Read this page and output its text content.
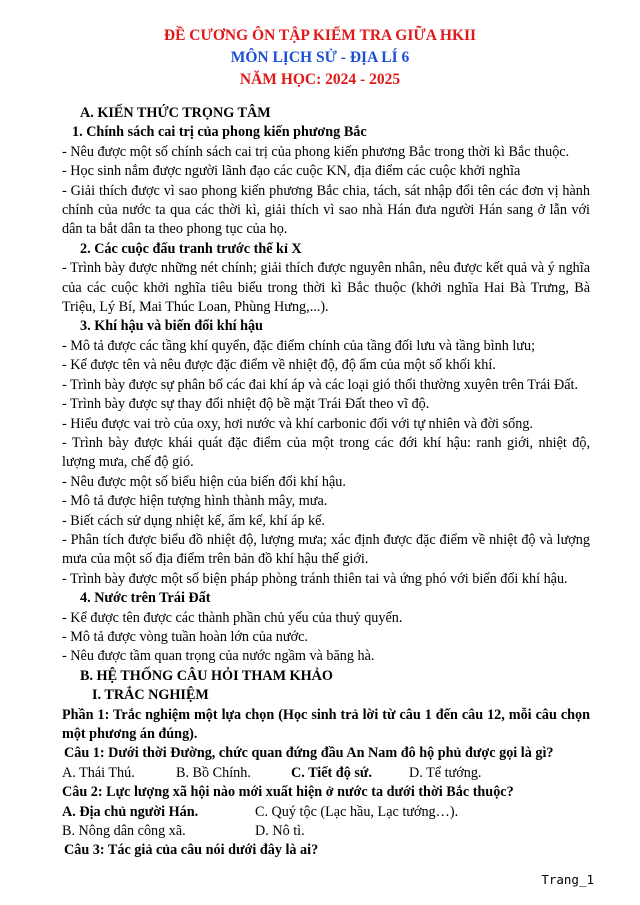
ĐỀ CƯƠNG ÔN TẬP KIỂM TRA GIỮA HKII
MÔN LỊCH SỬ - ĐỊA LÍ 6
NĂM HỌC: 2024 - 2025
A. KIẾN THỨC TRỌNG TÂM
1. Chính sách cai trị của phong kiến phương Bắc
- Nêu được một số chính sách cai trị của phong kiến phương Bắc trong thời kì Bắc thuộc.
- Học sinh nắm được người lãnh đạo các cuộc KN, địa điểm các cuộc khởi nghĩa
- Giải thích được vì sao phong kiến phương Bắc chia, tách, sát nhập đổi tên các đơn vị hành chính của nước ta qua các thời kì, giải thích vì sao nhà Hán đưa người Hán sang ở lẫn với dân ta bắt dân ta theo phong tục của họ.
2. Các cuộc đấu tranh trước thế kỉ X
- Trình bày được những nét chính; giải thích được nguyên nhân, nêu được kết quả và ý nghĩa của các cuộc khởi nghĩa tiêu biểu trong thời kì Bắc thuộc (khởi nghĩa Hai Bà Trưng, Bà Triệu, Lý Bí, Mai Thúc Loan, Phùng Hưng,...).
3. Khí hậu và biến đổi khí hậu
- Mô tả được các tầng khí quyển, đặc điểm chính của tầng đối lưu và tầng bình lưu;
- Kể được tên và nêu được đặc điểm về nhiệt độ, độ ẩm của một số khối khí.
- Trình bày được sự phân bố các đai khí áp và các loại gió thổi thường xuyên trên Trái Đất.
- Trình bày được sự thay đổi nhiệt độ bề mặt Trái Đất theo vĩ độ.
- Hiểu được vai trò của oxy, hơi nước và khí carbonic đối với tự nhiên và đời sống.
- Trình bày được khái quát đặc điểm của một trong các đới khí hậu: ranh giới, nhiệt độ, lượng mưa, chế độ gió.
- Nêu được một số biểu hiện của biến đổi khí hậu.
- Mô tả được hiện tượng hình thành mây, mưa.
- Biết cách sử dụng nhiệt kế, ẩm kế, khí áp kế.
- Phân tích được biểu đồ nhiệt độ, lượng mưa; xác định được đặc điểm về nhiệt độ và lượng mưa của một số địa điểm trên bản đồ khí hậu thế giới.
- Trình bày được một số biện pháp phòng tránh thiên tai và ứng phó với biến đổi khí hậu.
4. Nước trên Trái Đất
- Kể được tên được các thành phần chủ yếu của thuỷ quyển.
- Mô tả được vòng tuần hoàn lớn của nước.
- Nêu được tầm quan trọng của nước ngầm và băng hà.
B. HỆ THỐNG CÂU HỎI THAM KHẢO
I. TRẮC NGHIỆM
Phần 1: Trắc nghiệm một lựa chọn (Học sinh trả lời từ câu 1 đến câu 12, mỗi câu chọn một phương án đúng).
Câu 1: Dưới thời Đường, chức quan đứng đầu An Nam đô hộ phủ được gọi là gì?
A. Thái Thú.	B. Bồ Chính.	C. Tiết độ sứ.	D. Tể tướng.
Câu 2: Lực lượng xã hội nào mới xuất hiện ở nước ta dưới thời Bắc thuộc?
A. Địa chủ người Hán.	C. Quý tộc (Lạc hầu, Lạc tướng…).
B. Nông dân công xã.	D. Nô tì.
Câu 3: Tác giả của câu nói dưới đây là ai?
Trang_1
